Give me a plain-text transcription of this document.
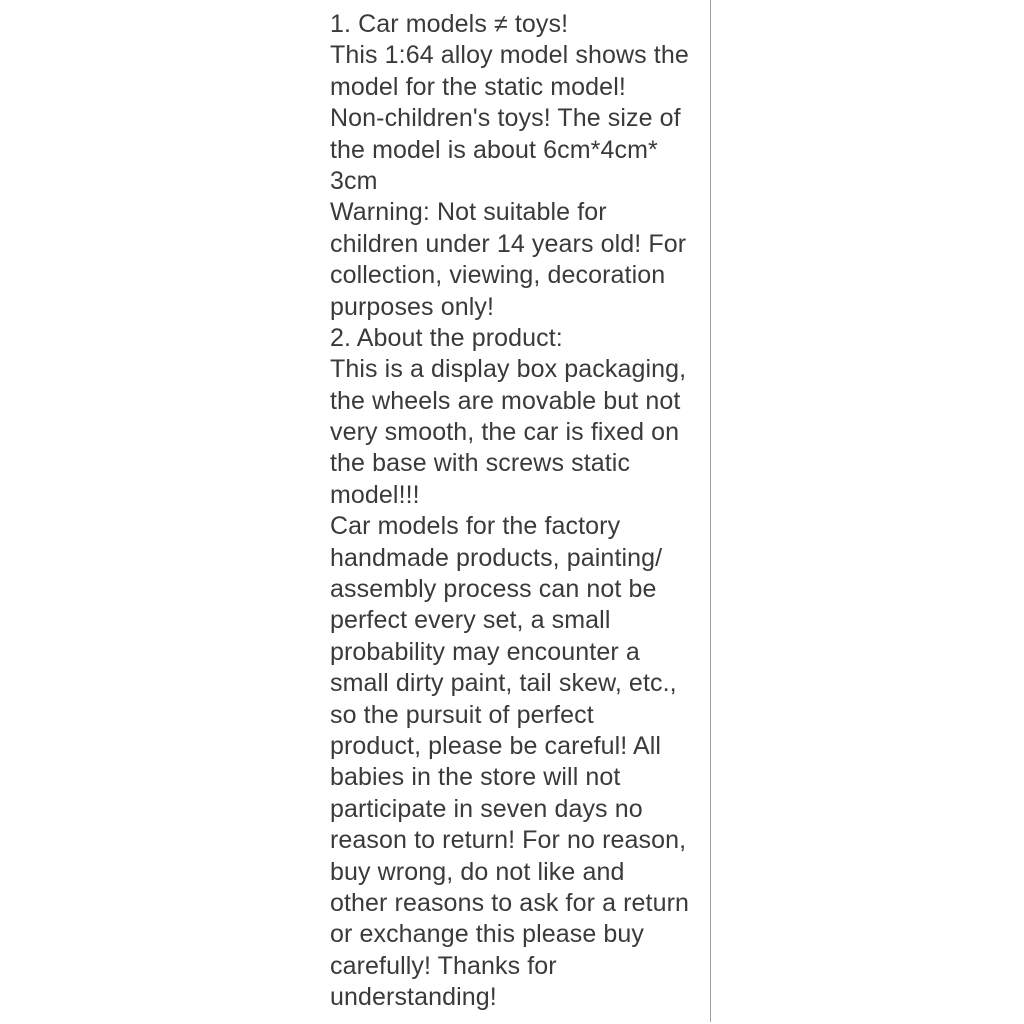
1. Car models ≠ toys!
This 1:64 alloy model shows the
model for the static model!
Non-children's toys! The size of
the model is about 6cm*4cm*
3cm
Warning: Not suitable for
children under 14 years old! For
collection, viewing, decoration
purposes only!
2. About the product:
This is a display box packaging,
the wheels are movable but not
very smooth, the car is fixed on
the base with screws static
model!!!
Car models for the factory
handmade products, painting/
assembly process can not be
perfect every set, a small
probability may encounter a
small dirty paint, tail skew, etc.,
so the pursuit of perfect
product, please be careful! All
babies in the store will not
participate in seven days no
reason to return! For no reason,
buy wrong, do not like and
other reasons to ask for a return
or exchange this please buy
carefully! Thanks for
understanding!
